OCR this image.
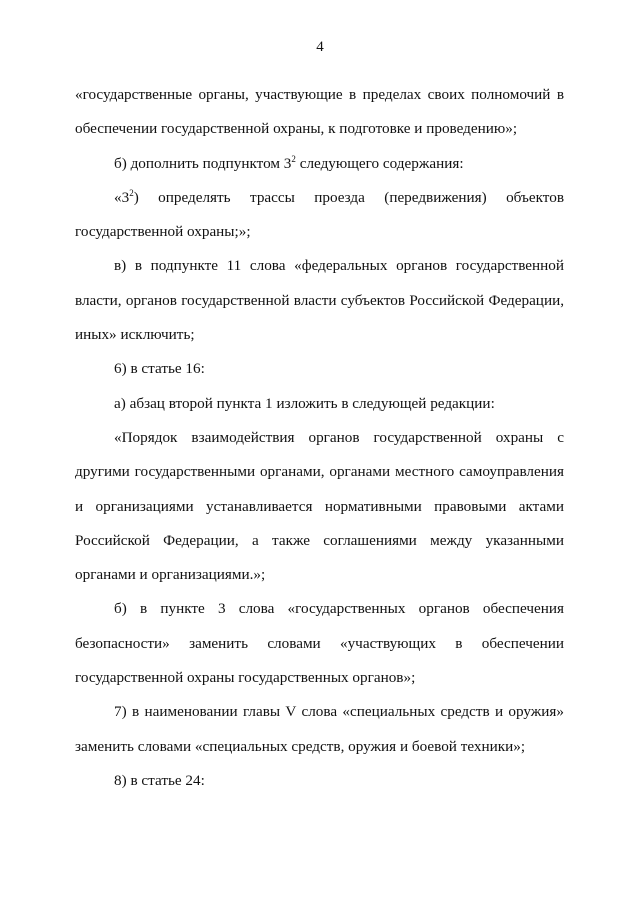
4

«государственные органы, участвующие в пределах своих полномочий в обеспечении государственной охраны, к подготовке и проведению»;

б) дополнить подпунктом $3^2$ следующего содержания:

«$3^2$) определять трассы проезда (передвижения) объектов государственной охраны;»;

в) в подпункте 11 слова «федеральных органов государственной власти, органов государственной власти субъектов Российской Федерации, иных» исключить;

6) в статье 16:

а) абзац второй пункта 1 изложить в следующей редакции:

«Порядок взаимодействия органов государственной охраны с другими государственными органами, органами местного самоуправления и организациями устанавливается нормативными правовыми актами Российской Федерации, а также соглашениями между указанными органами и организациями.»;

б) в пункте 3 слова «государственных органов обеспечения безопасности» заменить словами «участвующих в обеспечении государственной охраны государственных органов»;

7) в наименовании главы V слова «специальных средств и оружия» заменить словами «специальных средств, оружия и боевой техники»;

8) в статье 24:
